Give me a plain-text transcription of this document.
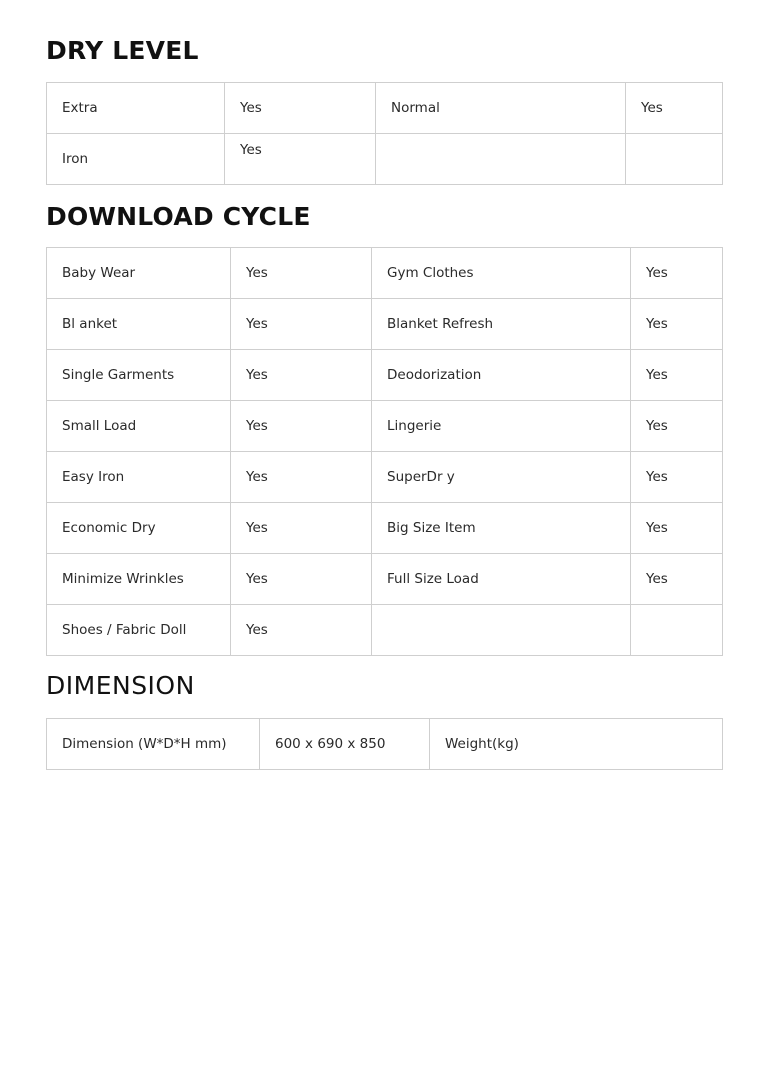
DRY LEVEL
Extra	Yes	Normal	Yes
Iron	Yes		
DOWNLOAD CYCLE
Baby Wear	Yes	Gym Clothes	Yes
Bl anket	Yes	Blanket Refresh	Yes
Single Garments	Yes	Deodorization	Yes
Small Load	Yes	Lingerie	Yes
Easy Iron	Yes	SuperDr y	Yes
Economic Dry	Yes	Big Size Item	Yes
Minimize Wrinkles	Yes	Full Size Load	Yes
Shoes / Fabric Doll	Yes		
DIMENSION
Dimension (W*D*H mm)	600 x 690 x 850	Weight(kg)
